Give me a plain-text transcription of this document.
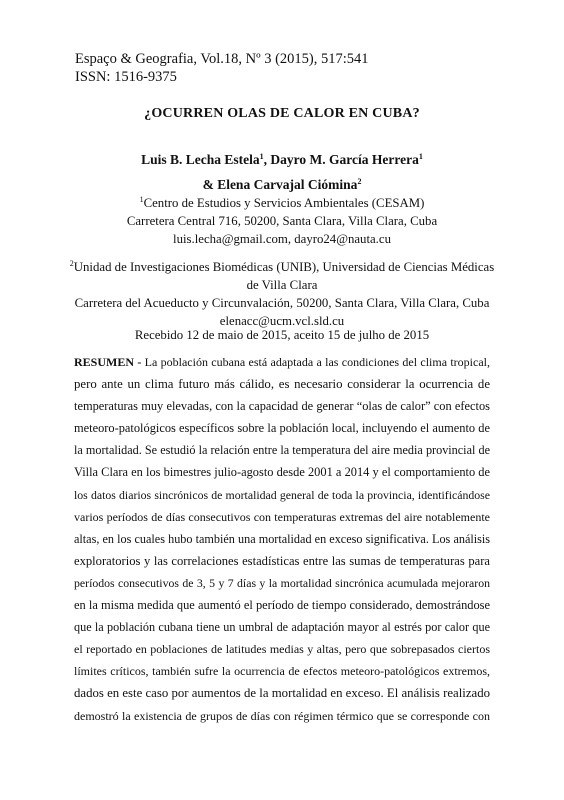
Espaço & Geografia, Vol.18, Nº 3 (2015), 517:541
ISSN: 1516-9375
¿OCURREN OLAS DE CALOR EN CUBA?
Luis B. Lecha Estela$^1$, Dayro M. García Herrera$^1$
& Elena Carvajal Ciómina$^2$
$^1$Centro de Estudios y Servicios Ambientales (CESAM)
Carretera Central 716, 50200, Santa Clara, Villa Clara, Cuba
luis.lecha@gmail.com, dayro24@nauta.cu
$^2$Unidad de Investigaciones Biomédicas (UNIB), Universidad de Ciencias Médicas
de Villa Clara
Carretera del Acueducto y Circunvalación, 50200, Santa Clara, Villa Clara, Cuba
elenacc@ucm.vcl.sld.cu
Recebido 12 de maio de 2015, aceito 15 de julho de 2015
RESUMEN - La población cubana está adaptada a las condiciones del clima tropical,
pero ante un clima futuro más cálido, es necesario considerar la ocurrencia de
temperaturas muy elevadas, con la capacidad de generar “olas de calor” con efectos
meteoro-patológicos específicos sobre la población local, incluyendo el aumento de
la mortalidad. Se estudió la relación entre la temperatura del aire media provincial de
Villa Clara en los bimestres julio-agosto desde 2001 a 2014 y el comportamiento de
los datos diarios sincrónicos de mortalidad general de toda la provincia, identificándose
varios períodos de días consecutivos con temperaturas extremas del aire notablemente
altas, en los cuales hubo también una mortalidad en exceso significativa. Los análisis
exploratorios y las correlaciones estadísticas entre las sumas de temperaturas para
períodos consecutivos de 3, 5 y 7 días y la mortalidad sincrónica acumulada mejoraron
en la misma medida que aumentó el período de tiempo considerado, demostrándose
que la población cubana tiene un umbral de adaptación mayor al estrés por calor que
el reportado en poblaciones de latitudes medias y altas, pero que sobrepasados ciertos
límites críticos, también sufre la ocurrencia de efectos meteoro-patológicos extremos,
dados en este caso por aumentos de la mortalidad en exceso. El análisis realizado
demostró la existencia de grupos de días con régimen térmico que se corresponde con
